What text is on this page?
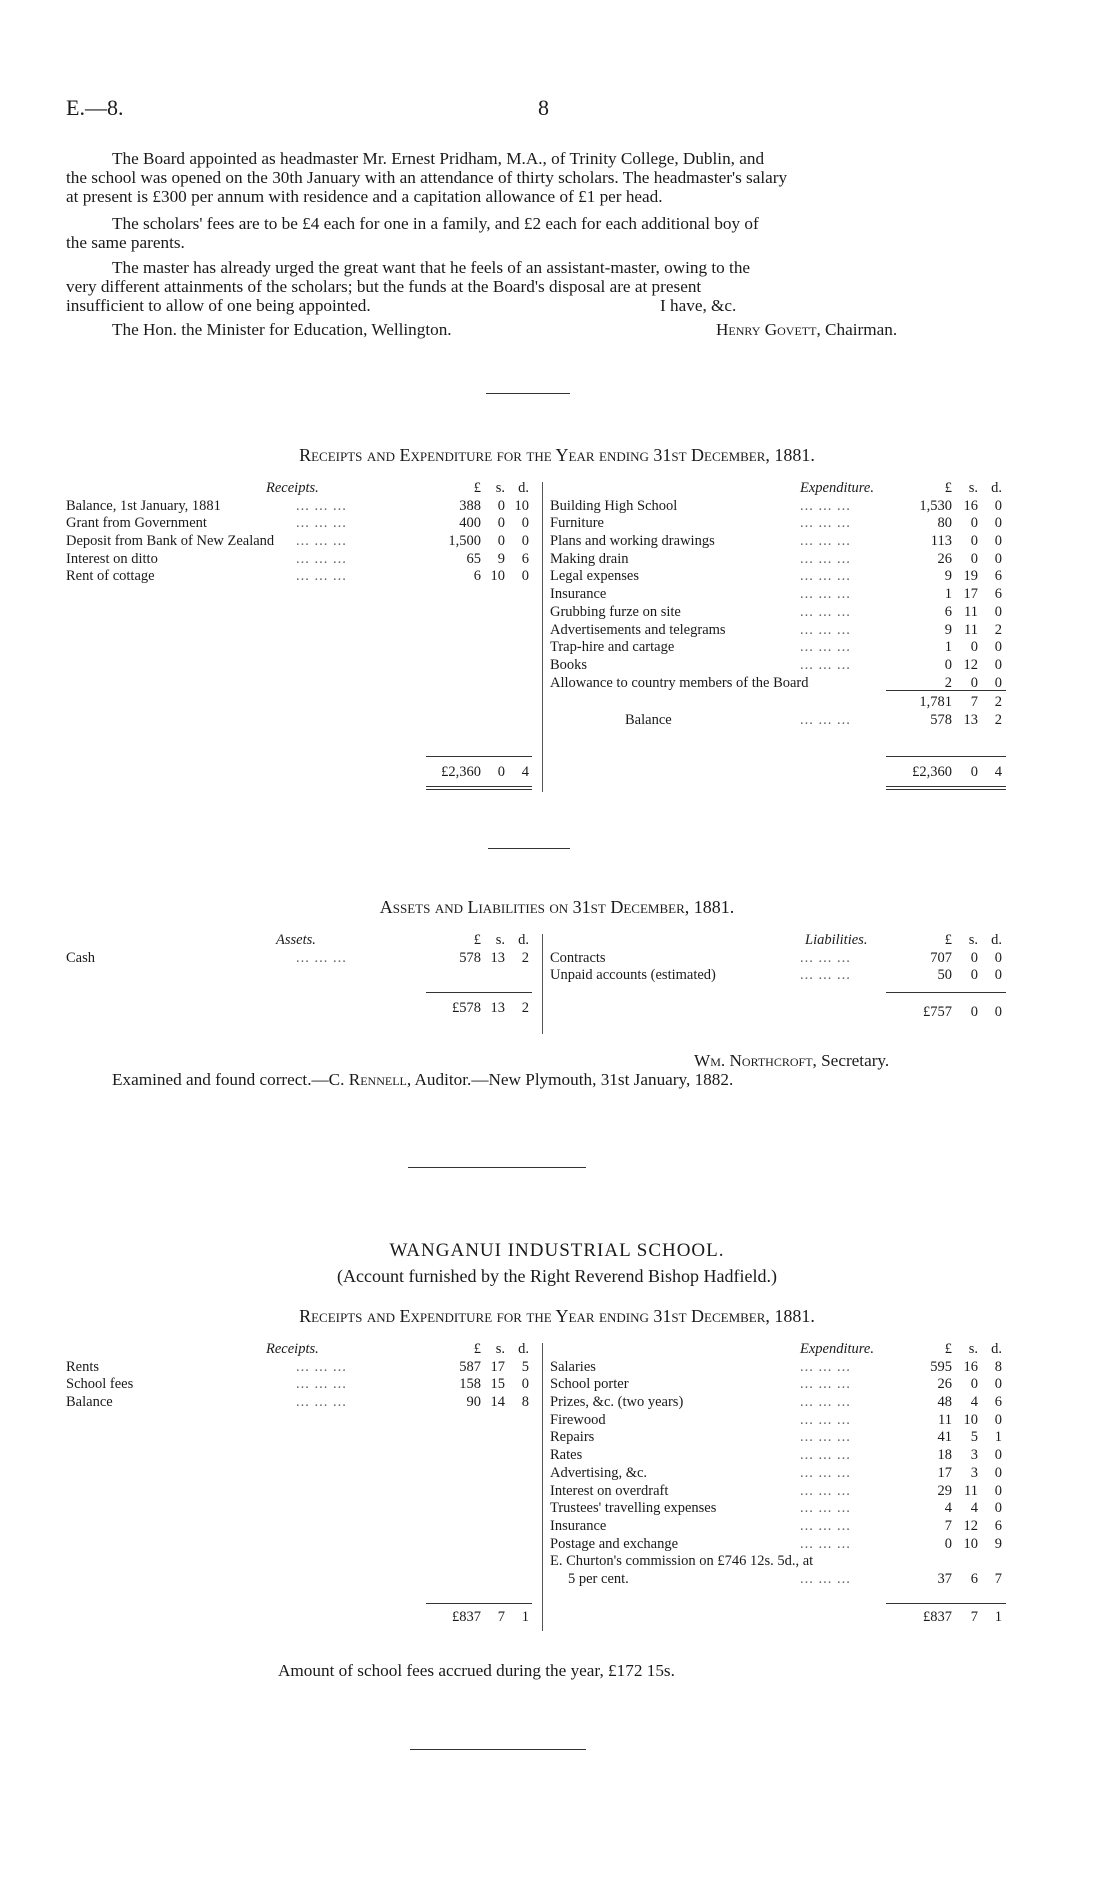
E.—8.	8
The Board appointed as headmaster Mr. Ernest Pridham, M.A., of Trinity College, Dublin, and
the school was opened on the 30th January with an attendance of thirty scholars. The headmaster's salary
at present is £300 per annum with residence and a capitation allowance of £1 per head.
The scholars' fees are to be £4 each for one in a family, and £2 each for each additional boy of
the same parents.
The master has already urged the great want that he feels of an assistant-master, owing to the
very different attainments of the scholars; but the funds at the Board's disposal are at present
insufficient to allow of one being appointed.	I have, &c.
The Hon. the Minister for Education, Wellington.	Henry Govett, Chairman.
Receipts and Expenditure for the Year ending 31st December, 1881.
Receipts.	£	s. d.
Balance, 1st January, 1881	... ... ...	388	0 10
Grant from Government	... ... ...	400	0	0
Deposit from Bank of New Zealand ... ... ...	1,500	0	0
Interest on ditto	... ... ...	65	9	6
Rent of cottage	... ... ...	6 10	0
£2,360	0	4
Expenditure.	£	s. d.
Building High School	... ... ...	1,530 16	0
Furniture	... ... ...	80	0	0
Plans and working drawings	... ... ...	113	0	0
Making drain	... ... ...	26	0	0
Legal expenses	... ... ...	9 19	6
Insurance	... ... ...	1 17	6
Grubbing furze on site	... ... ...	6 11	0
Advertisements and telegrams	... ... ...	9 11	2
Trap-hire and cartage	... ... ...	1	0	0
Books	... ... ...	0 12	0
Allowance to country members of the Board	2	0	0
1,781	7	2
Balance	... ... ...	578 13	2
£2,360	0	4
Assets and Liabilities on 31st December, 1881.
Assets.	£	s. d.
Cash	... ... ...	578 13	2
£578 13	2
Liabilities.	£	s. d.
Contracts	... ... ...	707	0	0
Unpaid accounts (estimated)	... ... ...	50	0	0
£757	0	0
Wm. Northcroft, Secretary.
Examined and found correct.—C. Rennell, Auditor.—New Plymouth, 31st January, 1882.
WANGANUI INDUSTRIAL SCHOOL.
(Account furnished by the Right Reverend Bishop Hadfield.)
Receipts and Expenditure for the Year ending 31st December, 1881.
Receipts.	£	s. d.
Rents	... ... ...	587 17	5
School fees	... ... ...	158 15	0
Balance	... ... ...	90 14	8
£837	7	1
Expenditure.	£	s. d.
Salaries	... ... ...	595 16	8
School porter	... ... ...	26	0	0
Prizes, &c. (two years)	... ... ...	48	4	6
Firewood	... ... ...	11 10	0
Repairs	... ... ...	41	5	1
Rates	... ... ...	18	3	0
Advertising, &c.	... ... ...	17	3	0
Interest on overdraft	... ... ...	29 11	0
Trustees' travelling expenses	... ... ...	4	4	0
Insurance	... ... ...	7 12	6
Postage and exchange	... ... ...	0 10	9
E. Churton's commission on £746 12s. 5d., at
5 per cent.	... ... ...	37	6	7
£837	7	1
Amount of school fees accrued during the year, £172 15s.
